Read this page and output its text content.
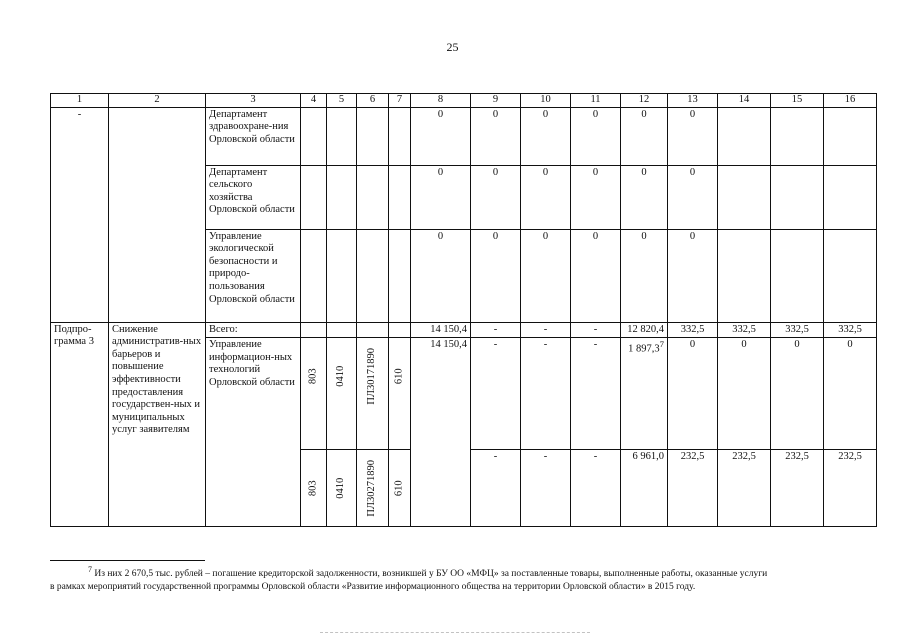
25
1	2	3	4	5	6	7	8	9	10	11	12	13	14	15	16
-		Департамент здравоохране-ния Орловской области					0	0	0	0	0	0			
		Департамент сельского хозяйства Орловской области					0	0	0	0	0	0			
		Управление экологической безопасности и природо-пользования Орловской области					0	0	0	0	0	0			
Подпро-грамма 3	Снижение административ-ных барьеров и повышение эффективности предоставления государствен-ных и муниципальных услуг заявителям	Всего:					14 150,4	-	-	-	12 820,4	332,5	332,5	332,5	332,5
		Управление информацион-ных технологий Орловской области	803	0410	ПЛ30171890	610	14 150,4	-	-	-	1 897,3$^7$	0	0	0	0

			803	0410	ПЛ30271890	610		-	-	-	6 961,0	232,5	232,5	232,5	232,5
$^7$ Из них 2 670,5 тыс. рублей – погашение кредиторской задолженности, возникшей у БУ ОО «МФЦ» за поставленные товары, выполненные работы, оказанные услуги
в рамках мероприятий государственной программы Орловской области «Развитие информационного общества на территории Орловской области» в 2015 году.
